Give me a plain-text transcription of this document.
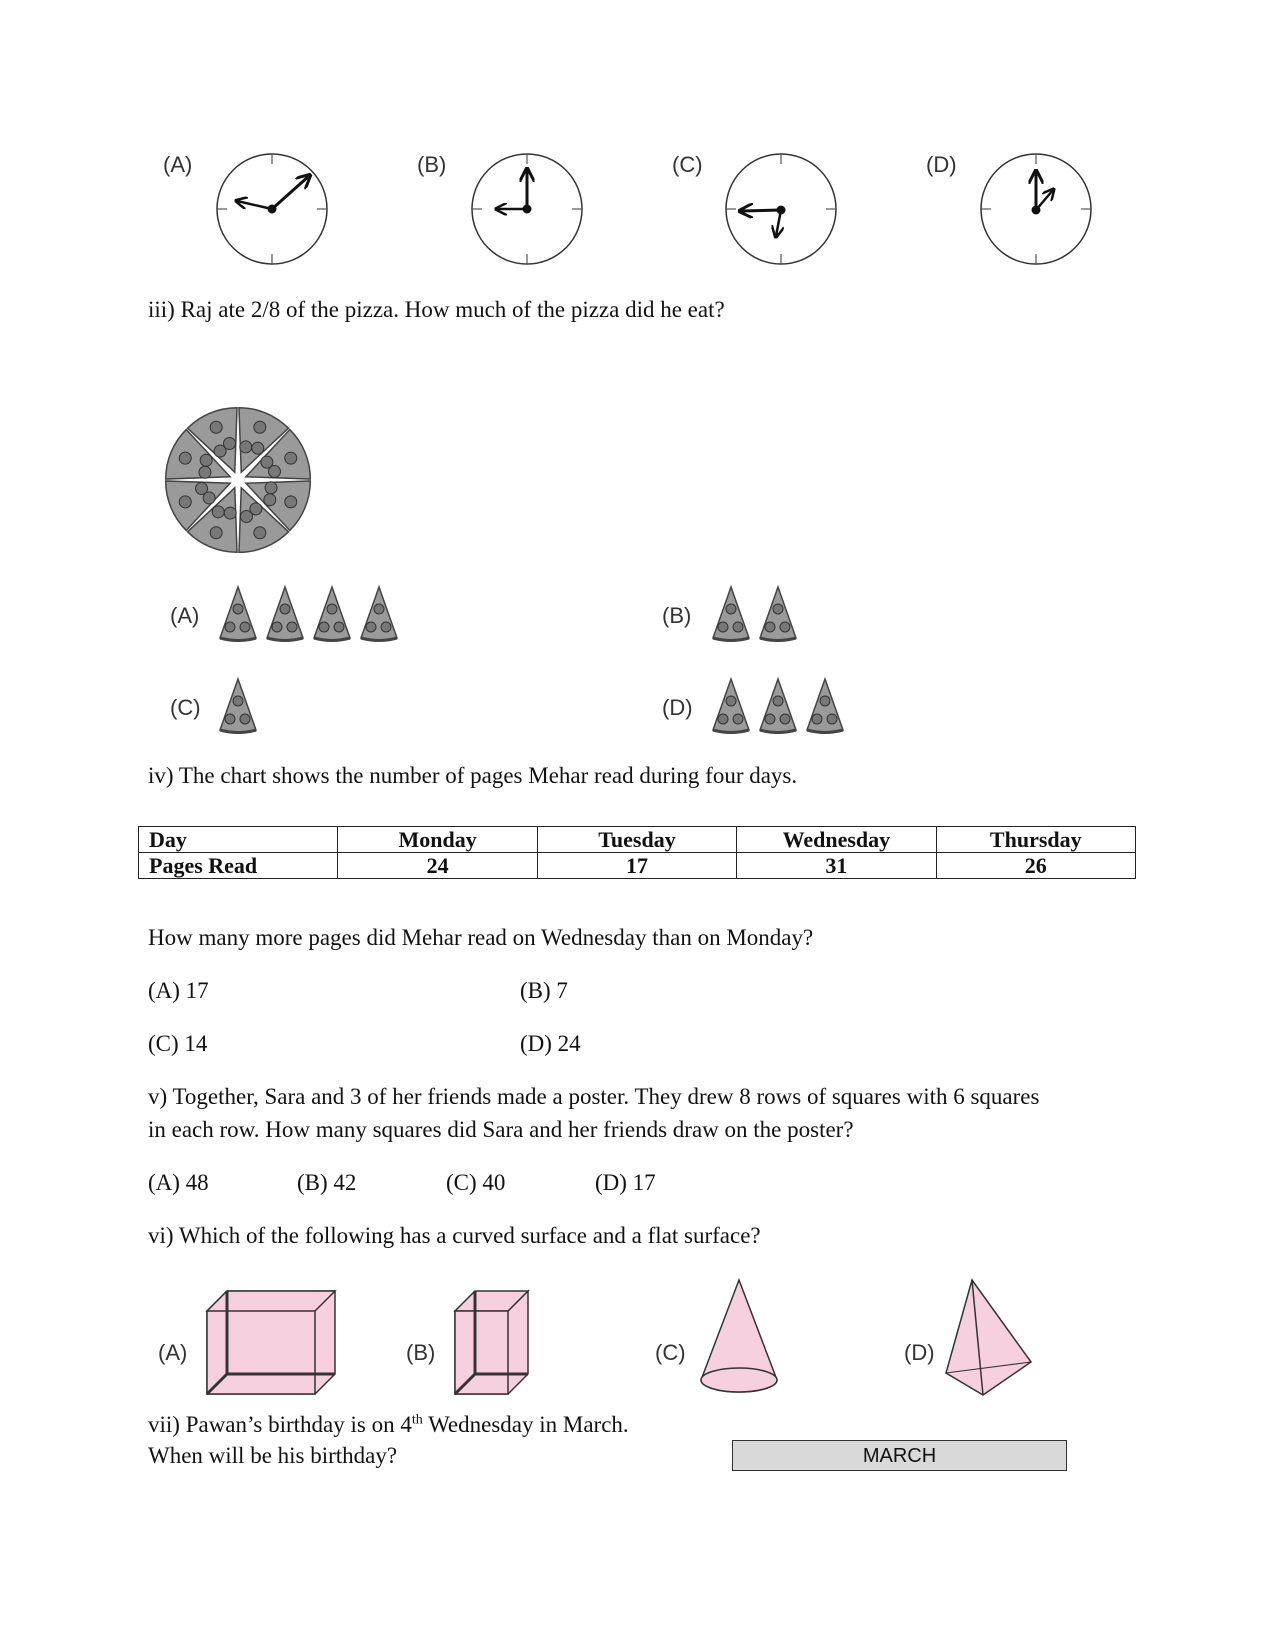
(A)	(B)	(C)	(D)
iii) Raj ate 2/8 of the pizza. How much of the pizza did he eat?
(A)	(B)
(C)	(D)
iv) The chart shows the number of pages Mehar read during four days.
Day	Monday	Tuesday	Wednesday	Thursday
Pages Read	24	17	31	26
How many more pages did Mehar read on Wednesday than on Monday?
(A) 17	(B) 7
(C) 14	(D) 24
v) Together, Sara and 3 of her friends made a poster. They drew 8 rows of squares with 6 squares
in each row. How many squares did Sara and her friends draw on the poster?
(A) 48	(B) 42	(C) 40	(D) 17
vi) Which of the following has a curved surface and a flat surface?
(A)	(B)	(C)	(D)
vii) Pawan’s birthday is on 4th Wednesday in March.
When will be his birthday?	MARCH
